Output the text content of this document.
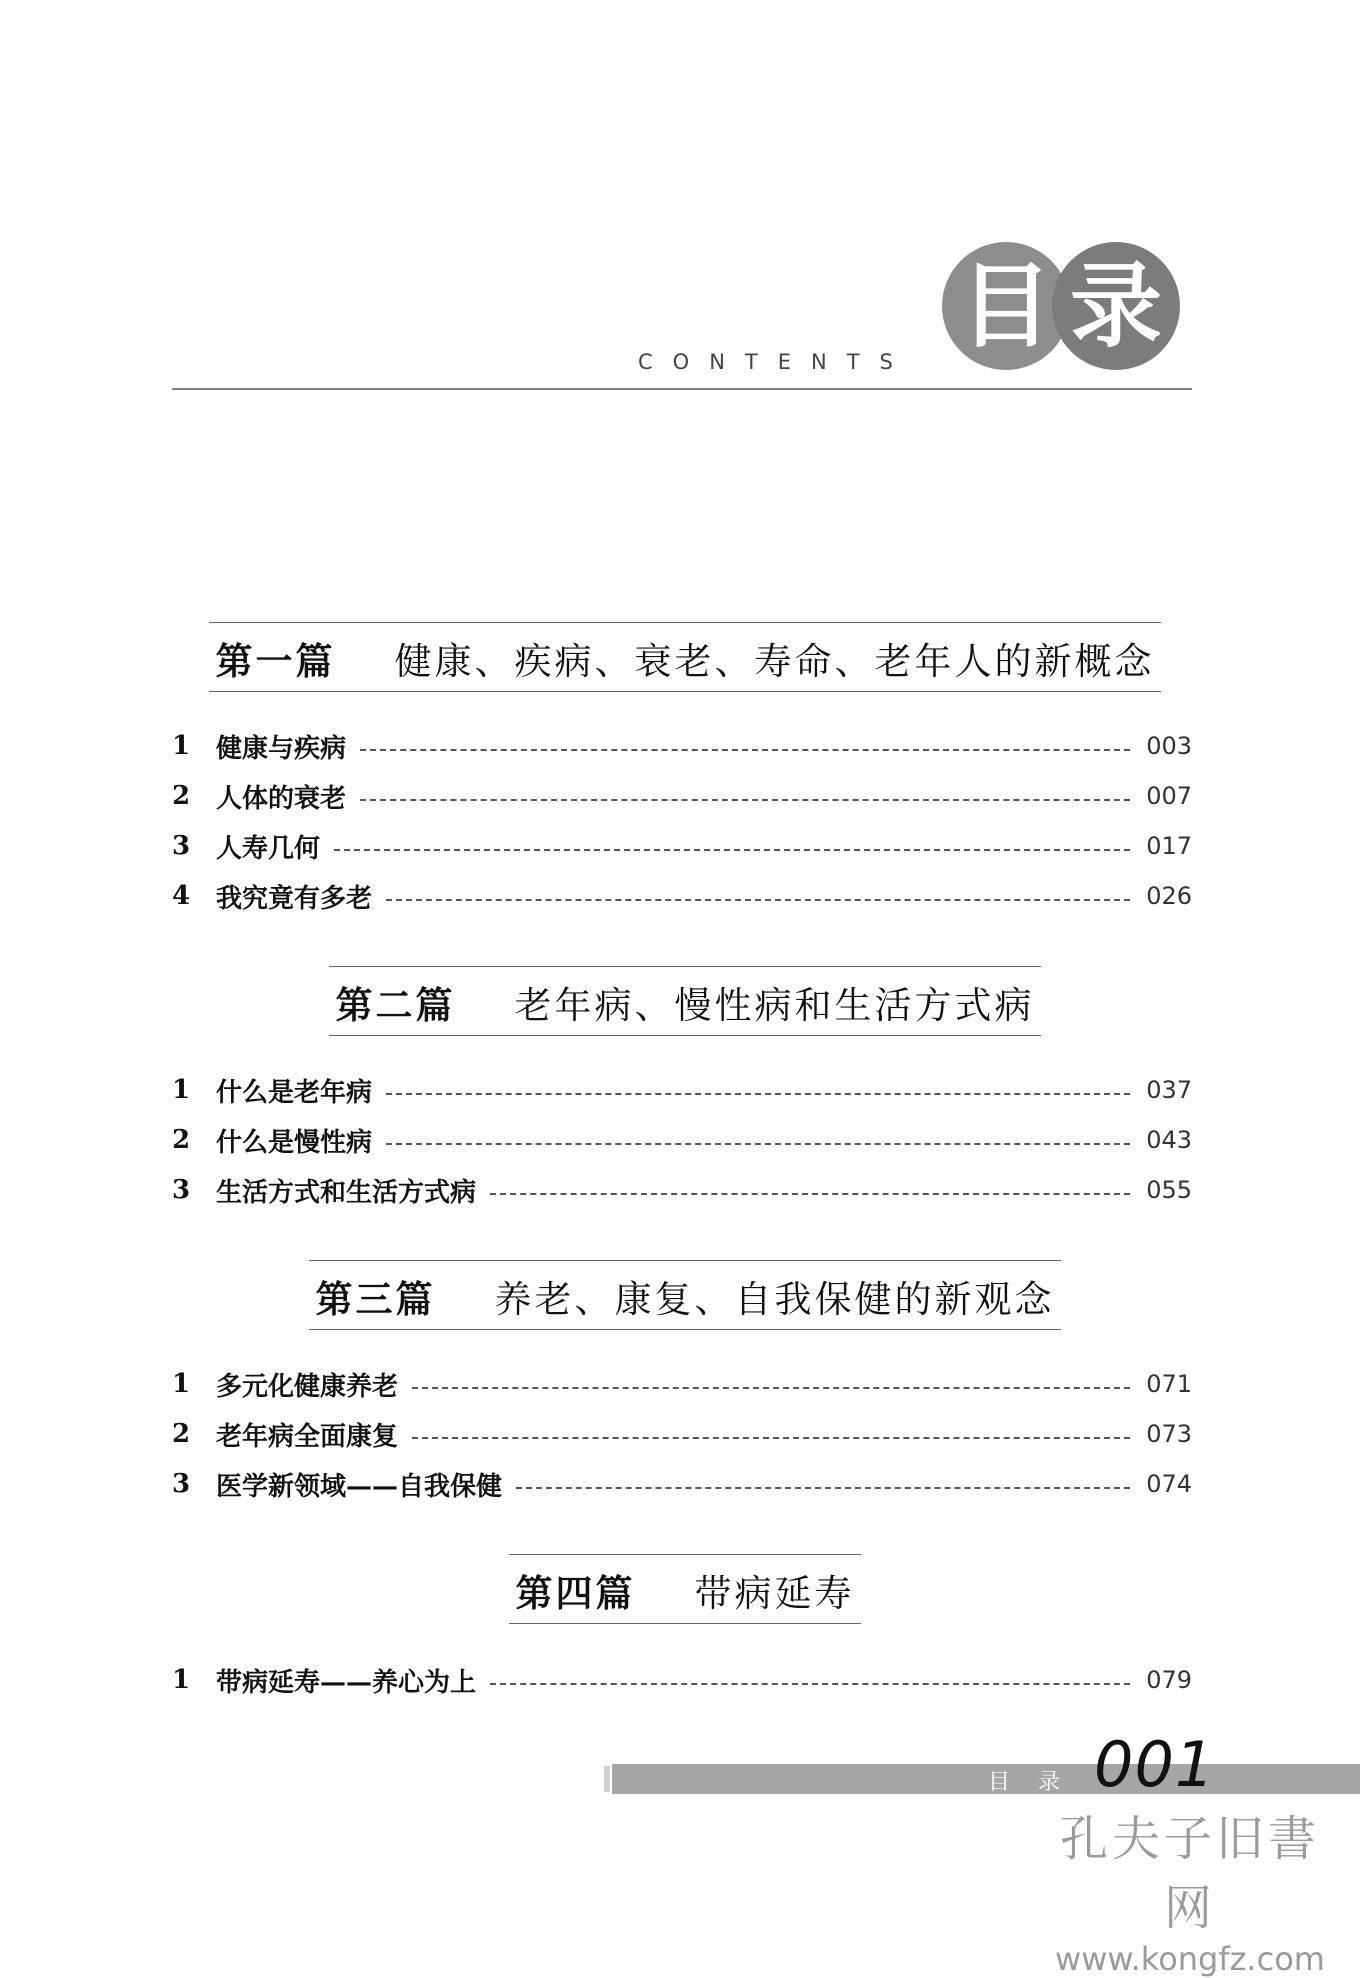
目 录
CONTENTS
第一篇 健康、疾病、衰老、寿命、老年人的新概念
1 健康与疾病	003
2 人体的衰老	007
3 人寿几何	017
4 我究竟有多老	026
第二篇 老年病、慢性病和生活方式病
1 什么是老年病	037
2 什么是慢性病	043
3 生活方式和生活方式病	055
第三篇 养老、康复、自我保健的新观念
1 多元化健康养老	071
2 老年病全面康复	073
3 医学新领域——自我保健	074
第四篇 带病延寿
1 带病延寿——养心为上	079
目录 001
孔夫子旧書网
www.kongfz.com
